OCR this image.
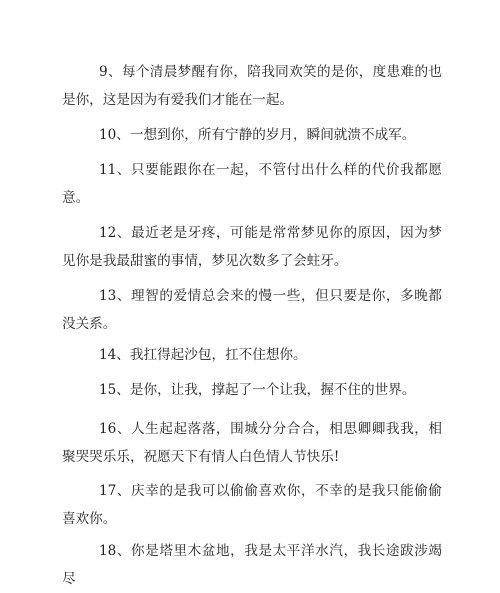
9、每个清晨梦醒有你，陪我同欢笑的是你，度患难的也是你，这是因为有爱我们才能在一起。

10、一想到你，所有宁静的岁月，瞬间就溃不成军。

11、只要能跟你在一起，不管付出什么样的代价我都愿意。

12、最近老是牙疼，可能是常常梦见你的原因，因为梦见你是我最甜蜜的事情，梦见次数多了会蛀牙。

13、理智的爱情总会来的慢一些，但只要是你，多晚都没关系。

14、我扛得起沙包，扛不住想你。

15、是你，让我，撑起了一个让我，握不住的世界。

16、人生起起落落，围城分分合合，相思卿卿我我，相聚哭哭乐乐，祝愿天下有情人白色情人节快乐!

17、庆幸的是我可以偷偷喜欢你，不幸的是我只能偷偷喜欢你。

18、你是塔里木盆地，我是太平洋水汽，我长途跋涉竭尽
